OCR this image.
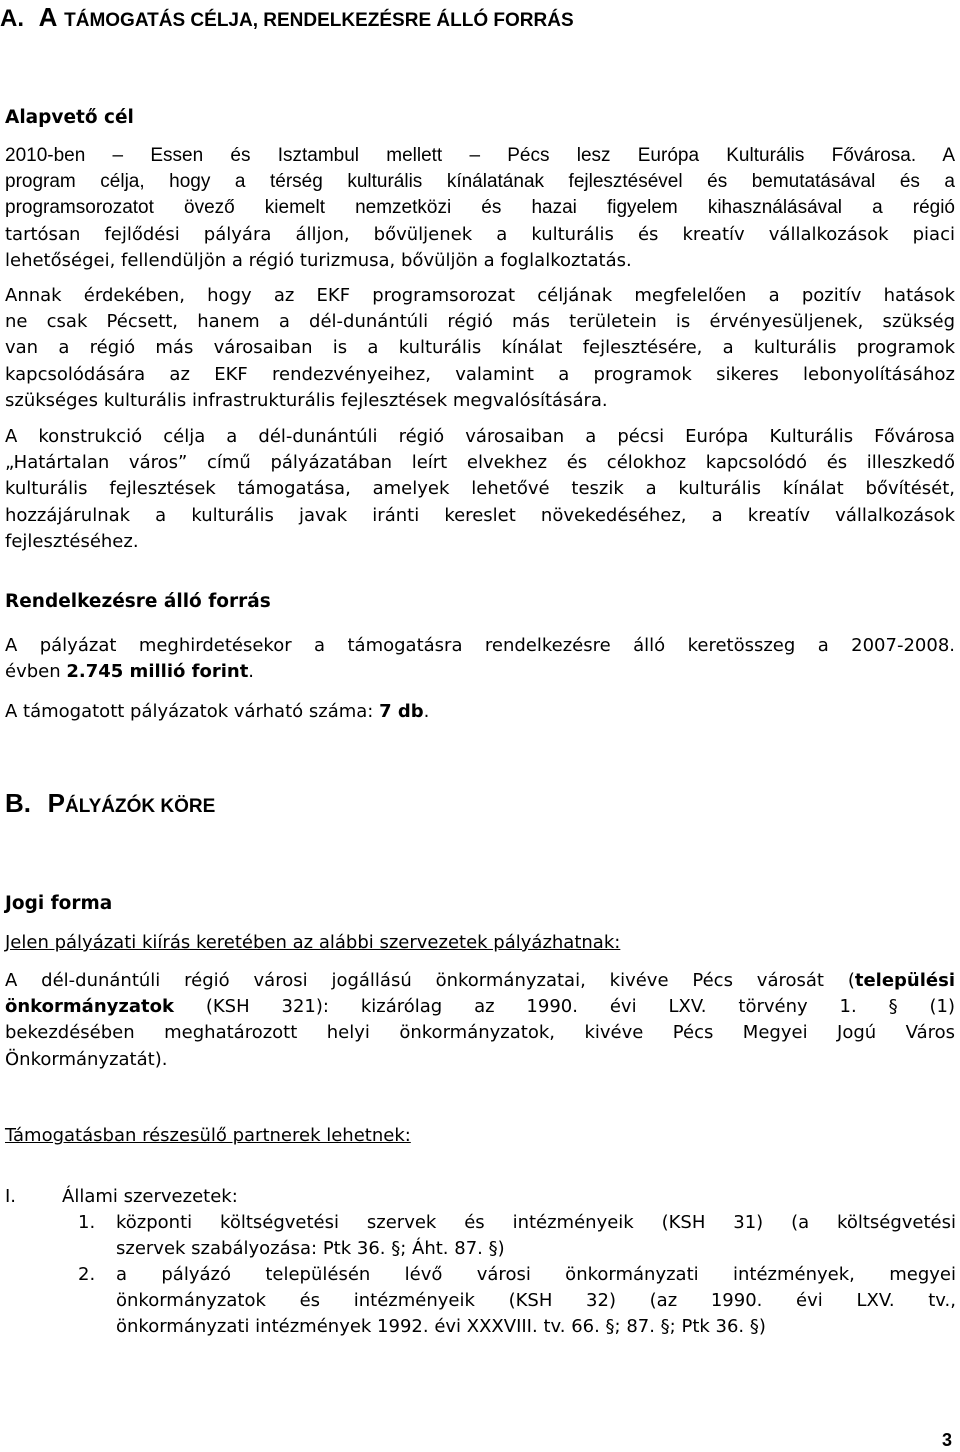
A. A TÁMOGATÁS CÉLJA, RENDELKEZÉSRE ÁLLÓ FORRÁS
Alapvető cél
2010-ben – Essen és Isztambul mellett – Pécs lesz Európa Kulturális Fővárosa. A
program célja, hogy a térség kulturális kínálatának fejlesztésével és bemutatásával és a
programsorozatot övező kiemelt nemzetközi és hazai figyelem kihasználásával a régió
tartósan fejlődési pályára álljon, bővüljenek a kulturális és kreatív vállalkozások piaci
lehetőségei, fellendüljön a régió turizmusa, bővüljön a foglalkoztatás.
Annak érdekében, hogy az EKF programsorozat céljának megfelelően a pozitív hatások
ne csak Pécsett, hanem a dél-dunántúli régió más területein is érvényesüljenek, szükség
van a régió más városaiban is a kulturális kínálat fejlesztésére, a kulturális programok
kapcsolódására az EKF rendezvényeihez, valamint a programok sikeres lebonyolításához
szükséges kulturális infrastrukturális fejlesztések megvalósítására.
A konstrukció célja a dél-dunántúli régió városaiban a pécsi Európa Kulturális Fővárosa
„Határtalan város” című pályázatában leírt elvekhez és célokhoz kapcsolódó és illeszkedő
kulturális fejlesztések támogatása, amelyek lehetővé teszik a kulturális kínálat bővítését,
hozzájárulnak a kulturális javak iránti kereslet növekedéséhez, a kreatív vállalkozások
fejlesztéséhez.
Rendelkezésre álló forrás
A pályázat meghirdetésekor a támogatásra rendelkezésre álló keretösszeg a 2007-2008.
évben 2.745 millió forint.
A támogatott pályázatok várható száma: 7 db.
B. PÁLYÁZÓK KÖRE
Jogi forma
Jelen pályázati kiírás keretében az alábbi szervezetek pályázhatnak:
A dél-dunántúli régió városi jogállású önkormányzatai, kivéve Pécs városát (települési
önkormányzatok (KSH 321): kizárólag az 1990. évi LXV. törvény 1. § (1)
bekezdésében meghatározott helyi önkormányzatok, kivéve Pécs Megyei Jogú Város
Önkormányzatát).
Támogatásban részesülő partnerek lehetnek:
I.	Állami szervezetek:
1. központi költségvetési szervek és intézményeik (KSH 31) (a költségvetési
szervek szabályozása: Ptk 36. §; Áht. 87. §)
2. a pályázó településén lévő városi önkormányzati intézmények, megyei
önkormányzatok és intézményeik (KSH 32) (az 1990. évi LXV. tv.,
önkormányzati intézmények 1992. évi XXXVIII. tv. 66. §; 87. §; Ptk 36. §)
3
